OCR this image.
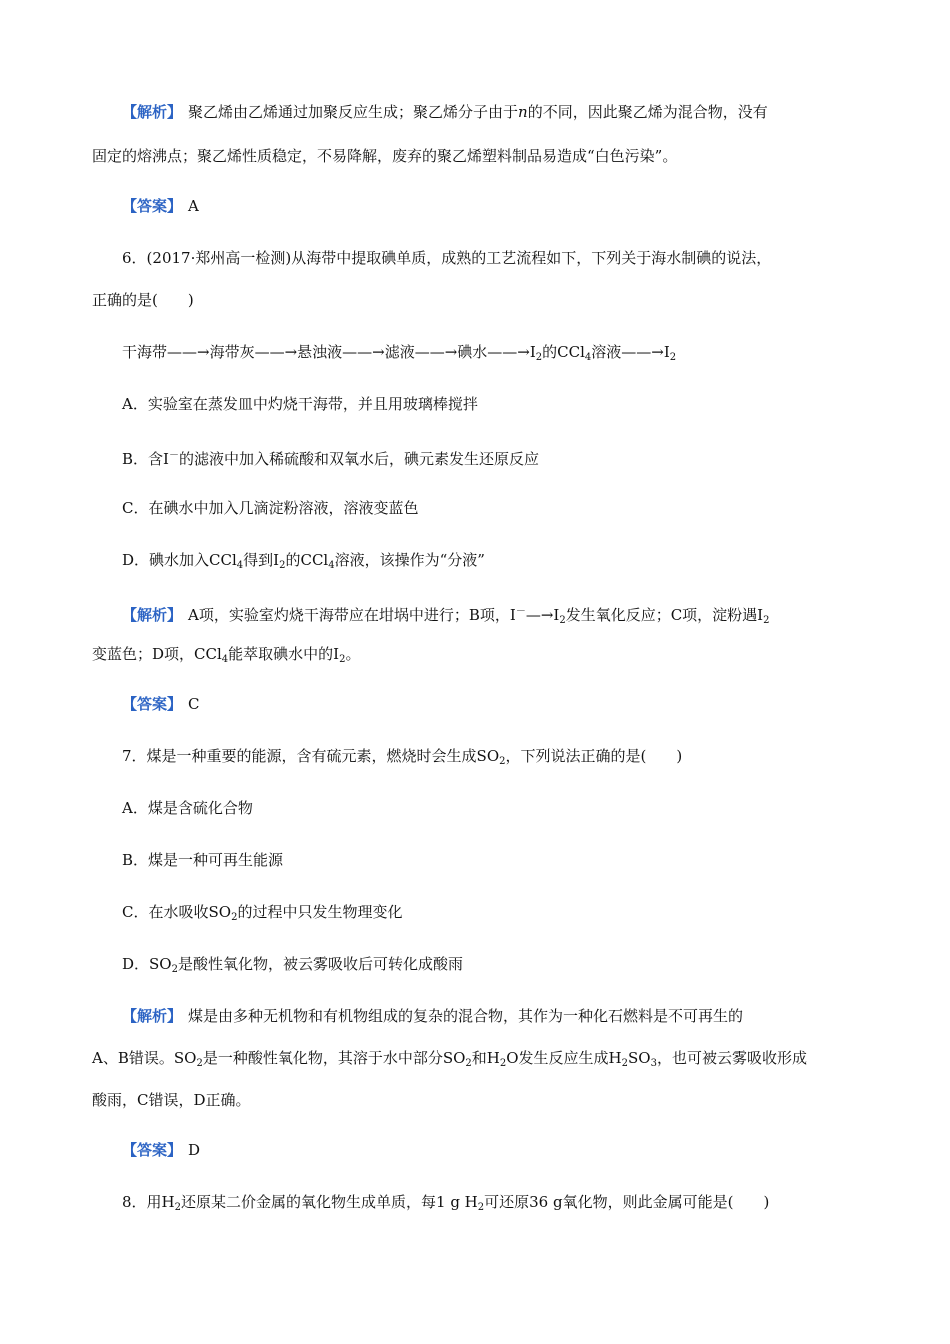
【解析】 聚乙烯由乙烯通过加聚反应生成；聚乙烯分子由于n的不同，因此聚乙烯为混合物，没有
固定的熔沸点；聚乙烯性质稳定，不易降解，废弃的聚乙烯塑料制品易造成“白色污染”。
【答案】 A
6．(2017·郑州高一检测)从海带中提取碘单质，成熟的工艺流程如下，下列关于海水制碘的说法，
正确的是(　　)
干海带——→海带灰——→悬浊液——→滤液——→碘水$——\to I_2$的CCl$_4$溶液$——\to I_2$
A．实验室在蒸发皿中灼烧干海带，并且用玻璃棒搅拌
B．含I－的滤液中加入稀硫酸和双氧水后，碘元素发生还原反应
C．在碘水中加入几滴淀粉溶液，溶液变蓝色
D．碘水加入CCl$_4$得到$I_2$的CCl$_4$溶液，该操作为“分液”
【解析】 A项，实验室灼烧干海带应在坩埚中进行；B项，$I^-—\to I_2$发生氧化反应；C项，淀粉遇$I_2$
变蓝色；D项，CCl$_4$能萃取碘水中的$I_2$。
【答案】 C
7．煤是一种重要的能源，含有硫元素，燃烧时会生成$SO_2$，下列说法正确的是(　　)
A．煤是含硫化合物
B．煤是一种可再生能源
C．在水吸收$SO_2$的过程中只发生物理变化
D．$SO_2$是酸性氧化物，被云雾吸收后可转化成酸雨
【解析】 煤是由多种无机物和有机物组成的复杂的混合物，其作为一种化石燃料是不可再生的
A、B错误。$SO_2$是一种酸性氧化物，其溶于水中部分$SO_2$和$H_2O$发生反应生成$H_2SO_3$，也可被云雾吸收形成
酸雨，C错误，D正确。
【答案】 D
8．用$H_2$还原某二价金属的氧化物生成单质，每1 g $H_2$可还原36 g氧化物，则此金属可能是(　　)
